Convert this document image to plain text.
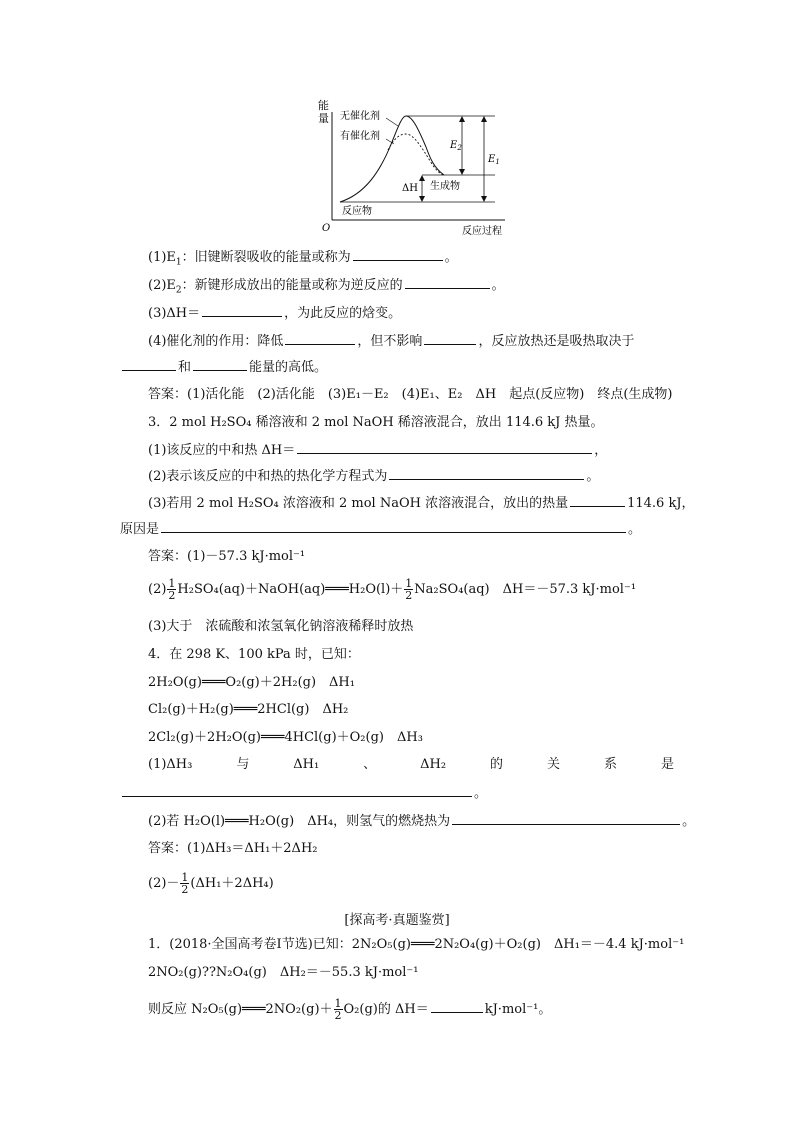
能
量
O	反应过程
无催化剂
有催化剂
反应物
生成物
$E_1$
$E_2$
ΔH
$(1)E_1$：旧键断裂吸收的能量或称为	。
$(2)E_2$：新键形成放出的能量或称为逆反应的	。
(3)ΔH＝	，为此反应的焓变。
(4)催化剂的作用：降低	，但不影响	，反应放热还是吸热取决于
和	能量的高低。
答案：(1)活化能　(2)活化能　(3)E₁－E₂　(4)E₁、E₂　ΔH　起点(反应物)　终点(生成物)
3．2 mol H₂SO₄ 稀溶液和 2 mol NaOH 稀溶液混合，放出 114.6 kJ 热量。
(1)该反应的中和热 ΔH＝	，
(2)表示该反应的中和热的热化学方程式为	。
(3)若用 2 mol H₂SO₄ 浓溶液和 2 mol NaOH 浓溶液混合，放出的热量	114.6 kJ，
原因是	。
答案：(1)－57.3 kJ·mol⁻¹
$(2) \frac{1}{2}$ H₂SO₄(aq)＋NaOH(aq)═══H₂O(l)＋ $\frac{1}{2} Na_2SO_4(aq)$　ΔH＝－57.3 kJ·mol⁻¹
(3)大于　浓硫酸和浓氢氧化钠溶液稀释时放热
4．在 298 K、100 kPa 时，已知：
2H₂O(g)═══O₂(g)＋2H₂(g)　ΔH₁
Cl₂(g)＋H₂(g)═══2HCl(g)　ΔH₂
2Cl₂(g)＋2H₂O(g)═══4HCl(g)＋O₂(g)　ΔH₃
(1)ΔH₃	与	ΔH₁	、	ΔH₂	的	关	系	是
。
(2)若 H₂O(l)═══H₂O(g)　ΔH₄，则氢气的燃烧热为	。
答案：(1)ΔH₃＝ΔH₁＋2ΔH₂
$(2)- \frac{1}{2} (\Delta H_1+2\Delta H_4)$
[探高考·真题鉴赏]
1．(2018·全国高考卷Ⅰ节选)已知：2N₂O₅(g)═══2N₂O₄(g)＋O₂(g)　ΔH₁＝－4.4 kJ·mol⁻¹
2NO₂(g)??N₂O₄(g)　ΔH₂＝－55.3 kJ·mol⁻¹
则反应 N₂O₅(g)═══2NO₂(g)＋ $\frac{1}{2} O_2(g)$的 ΔH＝	kJ·mol⁻¹。
